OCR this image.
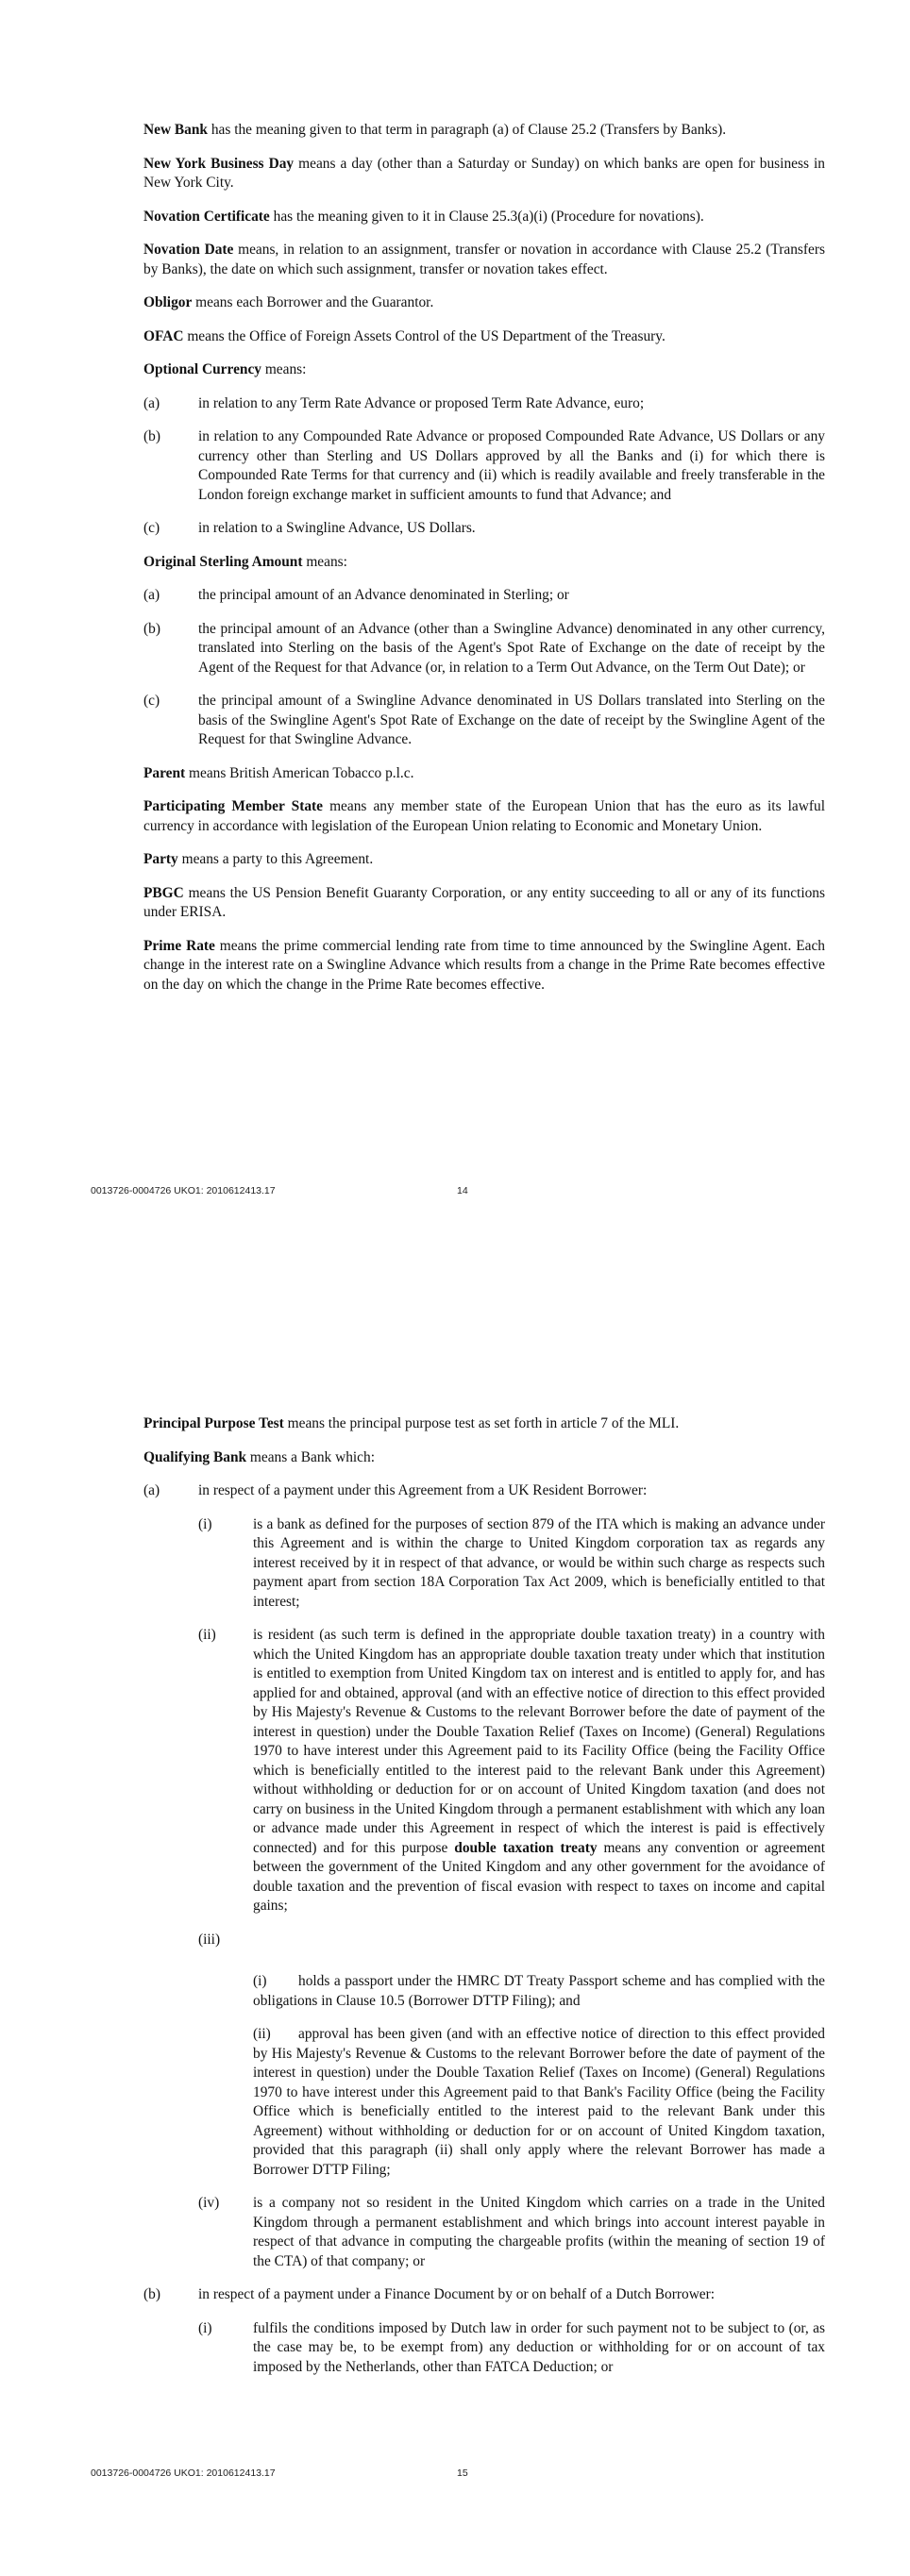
New Bank has the meaning given to that term in paragraph (a) of Clause 25.2 (Transfers by Banks).

New York Business Day means a day (other than a Saturday or Sunday) on which banks are open for business in New York City.

Novation Certificate has the meaning given to it in Clause 25.3(a)(i) (Procedure for novations).

Novation Date means, in relation to an assignment, transfer or novation in accordance with Clause 25.2 (Transfers by Banks), the date on which such assignment, transfer or novation takes effect.

Obligor means each Borrower and the Guarantor.

OFAC means the Office of Foreign Assets Control of the US Department of the Treasury.

Optional Currency means:

(a)	in relation to any Term Rate Advance or proposed Term Rate Advance, euro;
(b)	in relation to any Compounded Rate Advance or proposed Compounded Rate Advance, US Dollars or any currency other than Sterling and US Dollars approved by all the Banks and (i) for which there is Compounded Rate Terms for that currency and (ii) which is readily available and freely transferable in the London foreign exchange market in sufficient amounts to fund that Advance; and
(c)	in relation to a Swingline Advance, US Dollars.

Original Sterling Amount means:

(a)	the principal amount of an Advance denominated in Sterling; or
(b)	the principal amount of an Advance (other than a Swingline Advance) denominated in any other currency, translated into Sterling on the basis of the Agent's Spot Rate of Exchange on the date of receipt by the Agent of the Request for that Advance (or, in relation to a Term Out Advance, on the Term Out Date); or
(c)	the principal amount of a Swingline Advance denominated in US Dollars translated into Sterling on the basis of the Swingline Agent's Spot Rate of Exchange on the date of receipt by the Swingline Agent of the Request for that Swingline Advance.

Parent means British American Tobacco p.l.c.

Participating Member State means any member state of the European Union that has the euro as its lawful currency in accordance with legislation of the European Union relating to Economic and Monetary Union.

Party means a party to this Agreement.

PBGC means the US Pension Benefit Guaranty Corporation, or any entity succeeding to all or any of its functions under ERISA.

Prime Rate means the prime commercial lending rate from time to time announced by the Swingline Agent. Each change in the interest rate on a Swingline Advance which results from a change in the Prime Rate becomes effective on the day on which the change in the Prime Rate becomes effective.

0013726-0004726 UKO1: 2010612413.17	14

Principal Purpose Test means the principal purpose test as set forth in article 7 of the MLI.

Qualifying Bank means a Bank which:

(a)	in respect of a payment under this Agreement from a UK Resident Borrower:
(i)	is a bank as defined for the purposes of section 879 of the ITA which is making an advance under this Agreement and is within the charge to United Kingdom corporation tax as regards any interest received by it in respect of that advance, or would be within such charge as respects such payment apart from section 18A Corporation Tax Act 2009, which is beneficially entitled to that interest;
(ii)	is resident (as such term is defined in the appropriate double taxation treaty) in a country with which the United Kingdom has an appropriate double taxation treaty under which that institution is entitled to exemption from United Kingdom tax on interest and is entitled to apply for, and has applied for and obtained, approval (and with an effective notice of direction to this effect provided by His Majesty's Revenue & Customs to the relevant Borrower before the date of payment of the interest in question) under the Double Taxation Relief (Taxes on Income) (General) Regulations 1970 to have interest under this Agreement paid to its Facility Office (being the Facility Office which is beneficially entitled to the interest paid to the relevant Bank under this Agreement) without withholding or deduction for or on account of United Kingdom taxation (and does not carry on business in the United Kingdom through a permanent establishment with which any loan or advance made under this Agreement in respect of which the interest is paid is effectively connected) and for this purpose double taxation treaty means any convention or agreement between the government of the United Kingdom and any other government for the avoidance of double taxation and the prevention of fiscal evasion with respect to taxes on income and capital gains;
(iii)

(i) holds a passport under the HMRC DT Treaty Passport scheme and has complied with the obligations in Clause 10.5 (Borrower DTTP Filing); and

(ii) approval has been given (and with an effective notice of direction to this effect provided by His Majesty's Revenue & Customs to the relevant Borrower before the date of payment of the interest in question) under the Double Taxation Relief (Taxes on Income) (General) Regulations 1970 to have interest under this Agreement paid to that Bank's Facility Office (being the Facility Office which is beneficially entitled to the interest paid to the relevant Bank under this Agreement) without withholding or deduction for or on account of United Kingdom taxation, provided that this paragraph (ii) shall only apply where the relevant Borrower has made a Borrower DTTP Filing;

(iv)	is a company not so resident in the United Kingdom which carries on a trade in the United Kingdom through a permanent establishment and which brings into account interest payable in respect of that advance in computing the chargeable profits (within the meaning of section 19 of the CTA) of that company; or
(b)	in respect of a payment under a Finance Document by or on behalf of a Dutch Borrower:
(i)	fulfils the conditions imposed by Dutch law in order for such payment not to be subject to (or, as the case may be, to be exempt from) any deduction or withholding for or on account of tax imposed by the Netherlands, other than FATCA Deduction; or
0013726-0004726 UKO1: 2010612413.17	15
